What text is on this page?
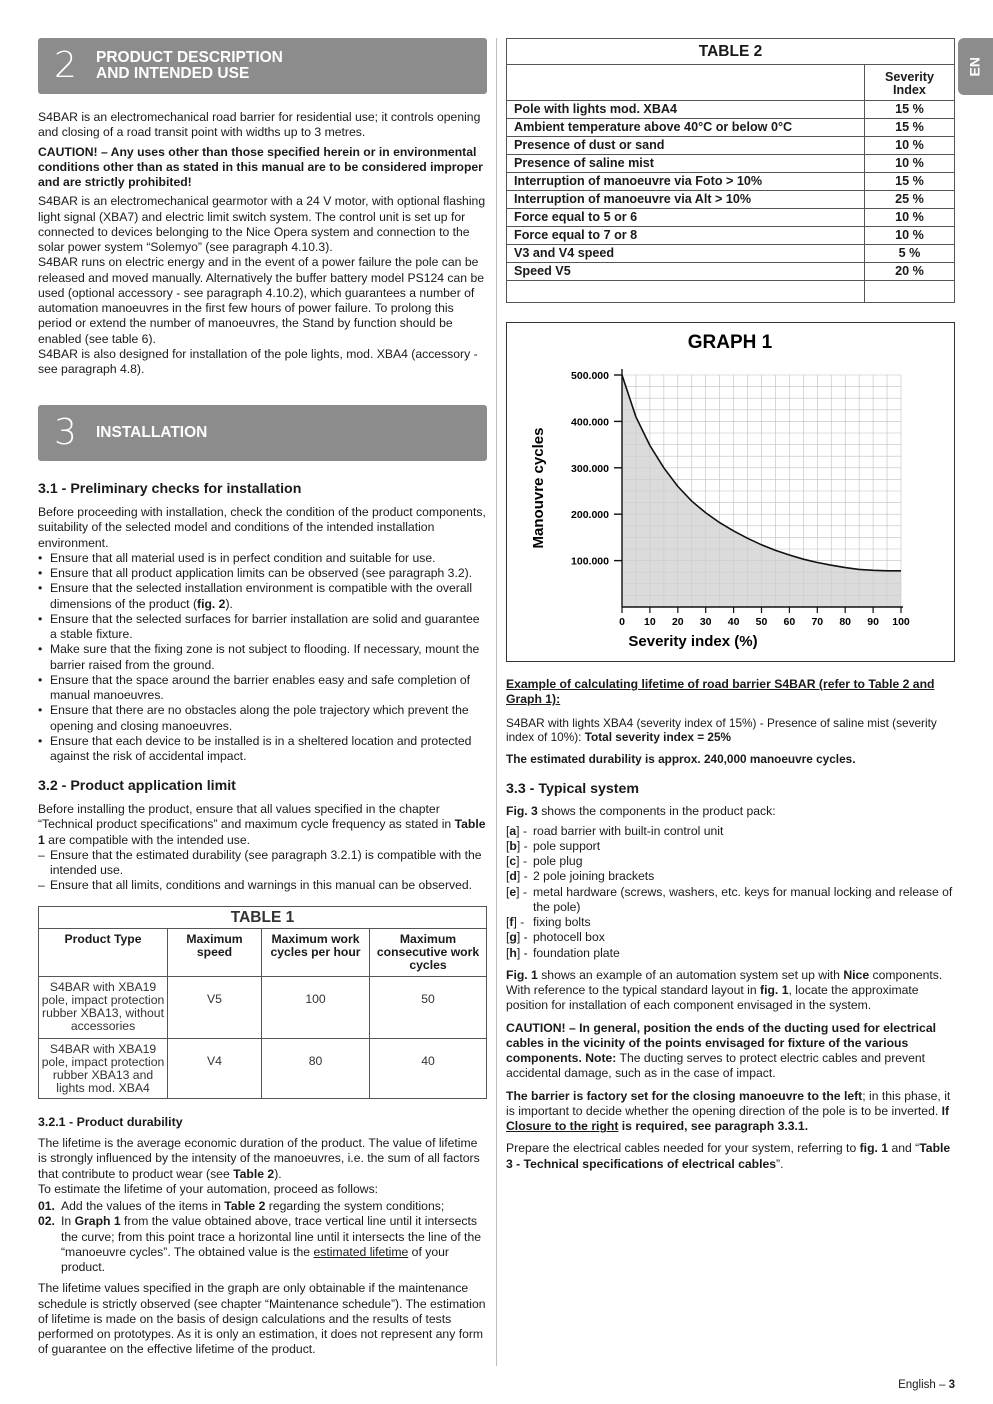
EN
2 PRODUCT DESCRIPTION
AND INTENDED USE

S4BAR is an electromechanical road barrier for residential use; it controls opening and closing of a road transit point with widths up to 3 metres.

CAUTION! – Any uses other than those specified herein or in environmental conditions other than as stated in this manual are to be considered improper and are strictly prohibited!

S4BAR is an electromechanical gearmotor with a 24 V motor, with optional flashing light signal (XBA7) and electric limit switch system. The control unit is set up for connected to devices belonging to the Nice Opera system and connection to the solar power system “Solemyo” (see paragraph 4.10.3).

S4BAR runs on electric energy and in the event of a power failure the pole can be released and moved manually. Alternatively the buffer battery model PS124 can be used (optional accessory - see paragraph 4.10.2), which guarantees a number of automation manoeuvres in the first few hours of power failure. To prolong this period or extend the number of manoeuvres, the Stand by function should be enabled (see table 6).

S4BAR is also designed for installation of the pole lights, mod. XBA4 (accessory - see paragraph 4.8).

3 INSTALLATION
3.1 - Preliminary checks for installation

Before proceeding with installation, check the condition of the product components, suitability of the selected model and conditions of the intended installation environment.

• Ensure that all material used is in perfect condition and suitable for use.
• Ensure that all product application limits can be observed (see paragraph 3.2).
• Ensure that the selected installation environment is compatible with the overall dimensions of the product (fig. 2).
• Ensure that the selected surfaces for barrier installation are solid and guarantee a stable fixture.
• Make sure that the fixing zone is not subject to flooding. If necessary, mount the barrier raised from the ground.
• Ensure that the space around the barrier enables easy and safe completion of manual manoeuvres.
• Ensure that there are no obstacles along the pole trajectory which prevent the opening and closing manoeuvres.
• Ensure that each device to be installed is in a sheltered location and protected against the risk of accidental impact.
3.2 - Product application limit

Before installing the product, ensure that all values specified in the chapter “Technical product specifications” and maximum cycle frequency as stated in Table 1 are compatible with the intended use.

– Ensure that the estimated durability (see paragraph 3.2.1) is compatible with the intended use.
– Ensure that all limits, conditions and warnings in this manual can be observed.
TABLE 1			
Product Type	Maximum speed	Maximum work cycles per hour	Maximum consecutive work cycles
S4BAR with XBA19 pole, impact protection rubber XBA13, without accessories	V5	100	50
S4BAR with XBA19 pole, impact protection rubber XBA13 and lights mod. XBA4	V4	80	40
3.2.1 - Product durability

The lifetime is the average economic duration of the product. The value of lifetime is strongly influenced by the intensity of the manoeuvres, i.e. the sum of all factors that contribute to product wear (see Table 2).

To estimate the lifetime of your automation, proceed as follows:

01. Add the values of the items in Table 2 regarding the system conditions;
02. In Graph 1 from the value obtained above, trace vertical line until it intersects the curve; from this point trace a horizontal line until it intersects the line of the “manoeuvre cycles”. The obtained value is the estimated lifetime of your product.

The lifetime values specified in the graph are only obtainable if the maintenance schedule is strictly observed (see chapter “Maintenance schedule”). The estimation of lifetime is made on the basis of design calculations and the results of tests performed on prototypes. As it is only an estimation, it does not represent any form of guarantee on the effective lifetime of the product.

TABLE 2	
	Severity Index
Pole with lights mod. XBA4	15 %
Ambient temperature above 40°C or below 0°C	15 %
Presence of dust or sand	10 %
Presence of saline mist	10 %
Interruption of manoeuvre via Foto > 10%	15 %
Interruption of manoeuvre via Alt > 10%	25 %
Force equal to 5 or 6	10 %
Force equal to 7 or 8	10 %
V3 and V4 speed	5 %
Speed V5	20 %

GRAPH 1
100.000
200.000
300.000
400.000
500.000
0 10 20 30 40 50 60 70 80 90 100
Severity index (%)
Manouvre cycles

Example of calculating lifetime of road barrier S4BAR (refer to Table 2 and Graph 1):

S4BAR with lights XBA4 (severity index of 15%) - Presence of saline mist (severity index of 10%): Total severity index = 25%

The estimated durability is approx. 240,000 manoeuvre cycles.

3.3 - Typical system

Fig. 3 shows the components in the product pack:

[a] - road barrier with built-in control unit
[b] - pole support
[c] - pole plug
[d] - 2 pole joining brackets
[e] - metal hardware (screws, washers, etc. keys for manual locking and release of the pole)
[f] - fixing bolts
[g] - photocell box
[h] - foundation plate

Fig. 1 shows an example of an automation system set up with Nice components. With reference to the typical standard layout in fig. 1, locate the approximate position for installation of each component envisaged in the system.

CAUTION! – In general, position the ends of the ducting used for electrical cables in the vicinity of the points envisaged for fixture of the various components. Note: The ducting serves to protect electric cables and prevent accidental damage, such as in the case of impact.

The barrier is factory set for the closing manoeuvre to the left; in this phase, it is important to decide whether the opening direction of the pole is to be inverted. If Closure to the right is required, see paragraph 3.3.1.

Prepare the electrical cables needed for your system, referring to fig. 1 and “Table 3 - Technical specifications of electrical cables”.

English – 3
